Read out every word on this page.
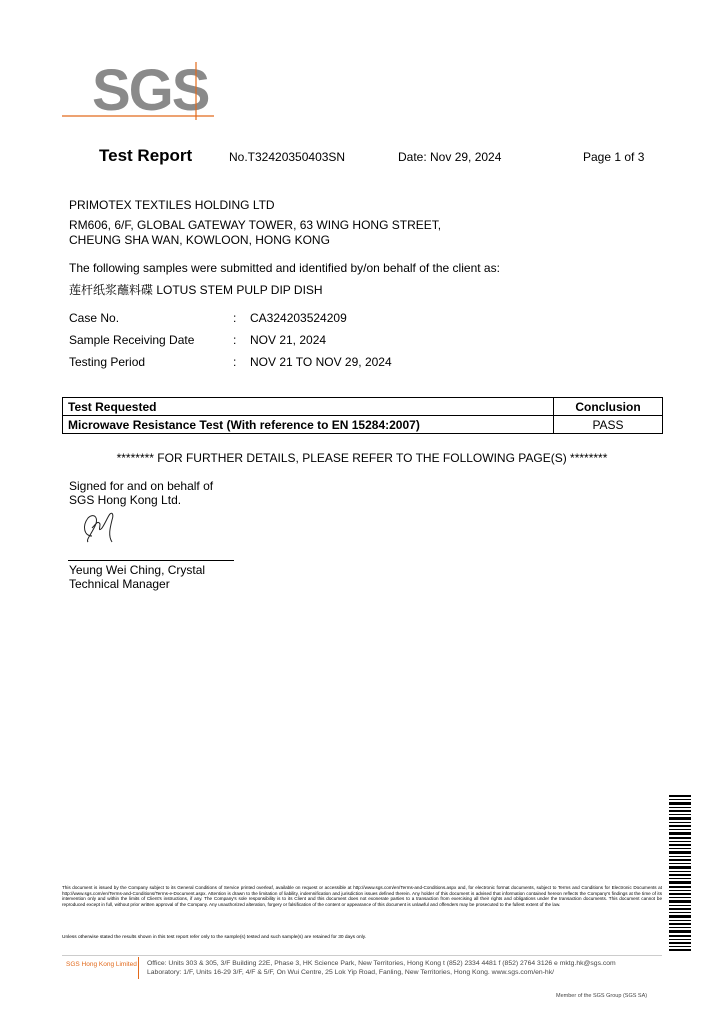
SGS
Test Report	No.T32420350403SN	Date: Nov 29, 2024	Page 1 of 3
PRIMOTEX TEXTILES HOLDING LTD
RM606, 6/F, GLOBAL GATEWAY TOWER, 63 WING HONG STREET,
CHEUNG SHA WAN, KOWLOON, HONG KONG
The following samples were submitted and identified by/on behalf of the client as:
莲杆纸浆蘸料碟 LOTUS STEM PULP DIP DISH
Case No.	: CA324203524209
Sample Receiving Date	: NOV 21, 2024
Testing Period	: NOV 21 TO NOV 29, 2024
Test Requested	Conclusion
Microwave Resistance Test (With reference to EN 15284:2007)	PASS
******** FOR FURTHER DETAILS, PLEASE REFER TO THE FOLLOWING PAGE(S) ********
Signed for and on behalf of
SGS Hong Kong Ltd.
Yeung Wei Ching, Crystal
Technical Manager
This document is issued by the Company subject to its General Conditions of Service printed overleaf, available on request or accessible at http://www.sgs.com/en/Terms-and-Conditions.aspx and, for electronic format documents, subject to Terms and Conditions for Electronic Documents at http://www.sgs.com/en/Terms-and-Conditions/Terms-e-Document.aspx. Attention is drawn to the limitation of liability, indemnification and jurisdiction issues defined therein. Any holder of this document is advised that information contained hereon reflects the Company's findings at the time of its intervention only and within the limits of Client's instructions, if any. The Company's sole responsibility is to its Client and this document does not exonerate parties to a transaction from exercising all their rights and obligations under the transaction documents. This document cannot be reproduced except in full, without prior written approval of the Company. Any unauthorized alteration, forgery or falsification of the content or appearance of this document is unlawful and offenders may be prosecuted to the fullest extent of the law.
Unless otherwise stated the results shown in this test report refer only to the sample(s) tested and such sample(s) are retained for 30 days only.
SGS Hong Kong Limited Office: Units 303 & 305, 3/F Building 22E, Phase 3, HK Science Park, New Territories, Hong Kong t (852) 2334 4481 f (852) 2764 3126 e mktg.hk@sgs.com
Laboratory: 1/F, Units 16-29 3/F, 4/F & 5/F, On Wui Centre, 25 Lok Yip Road, Fanling, New Territories, Hong Kong. www.sgs.com/en-hk/
Member of the SGS Group (SGS SA)
